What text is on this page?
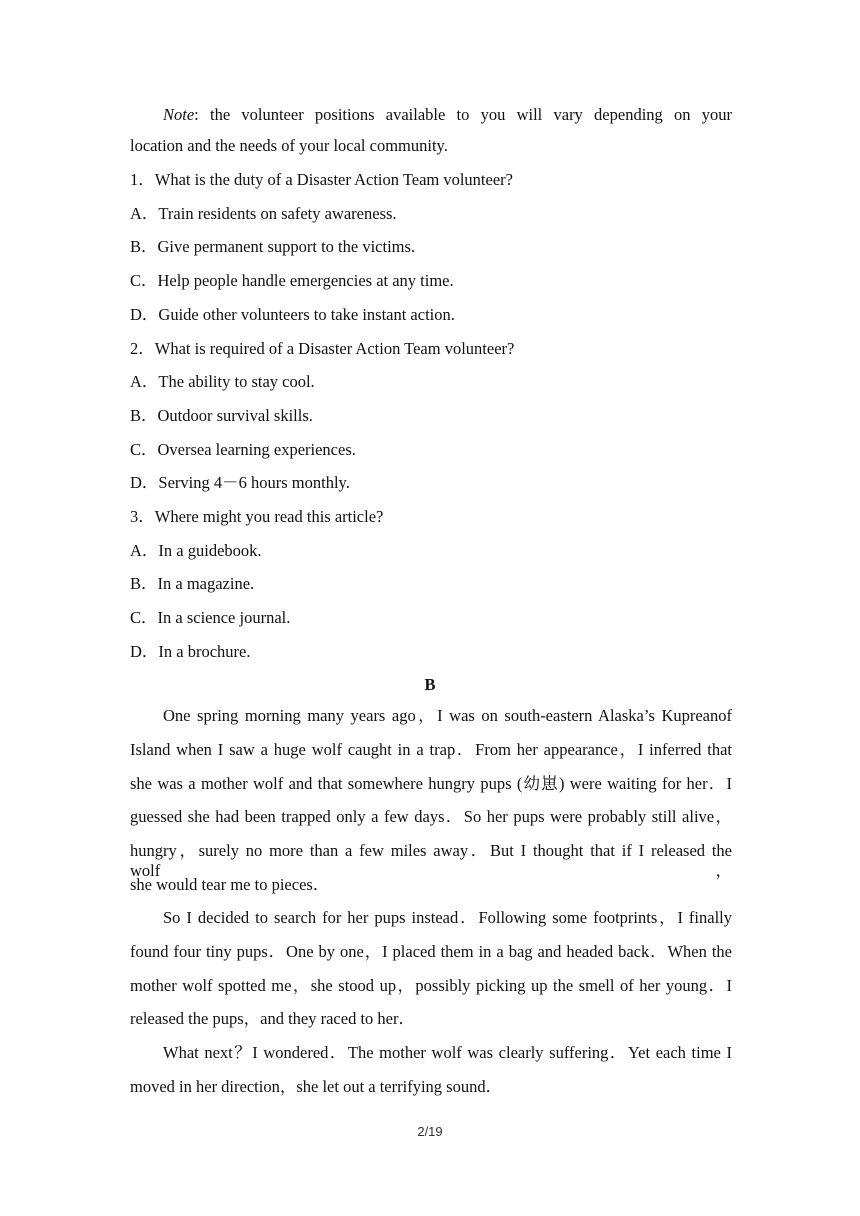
Note: the volunteer positions available to you will vary depending on your
location and the needs of your local community.
1．What is the duty of a Disaster Action Team volunteer?
A．Train residents on safety awareness.
B．Give permanent support to the victims.
C．Help people handle emergencies at any time.
D．Guide other volunteers to take instant action.
2．What is required of a Disaster Action Team volunteer?
A．The ability to stay cool.
B．Outdoor survival skills.
C．Oversea learning experiences.
D．Serving 4－6 hours monthly.
3．Where might you read this article?
A．In a guidebook.
B．In a magazine.
C．In a science journal.
D．In a brochure.
B
One spring morning many years ago，I was on south-eastern Alaska’s Kupreanof
Island when I saw a huge wolf caught in a trap．From her appearance，I inferred that
she was a mother wolf and that somewhere hungry pups (幼崽) were waiting for her．I
guessed she had been trapped only a few days．So her pups were probably still alive，
hungry，surely no more than a few miles away．But I thought that if I released the wolf，
she would tear me to pieces．
So I decided to search for her pups instead．Following some footprints，I finally
found four tiny pups．One by one，I placed them in a bag and headed back．When the
mother wolf spotted me，she stood up，possibly picking up the smell of her young．I
released the pups，and they raced to her．
What next？I wondered．The mother wolf was clearly suffering．Yet each time I
moved in her direction，she let out a terrifying sound．
2/19
